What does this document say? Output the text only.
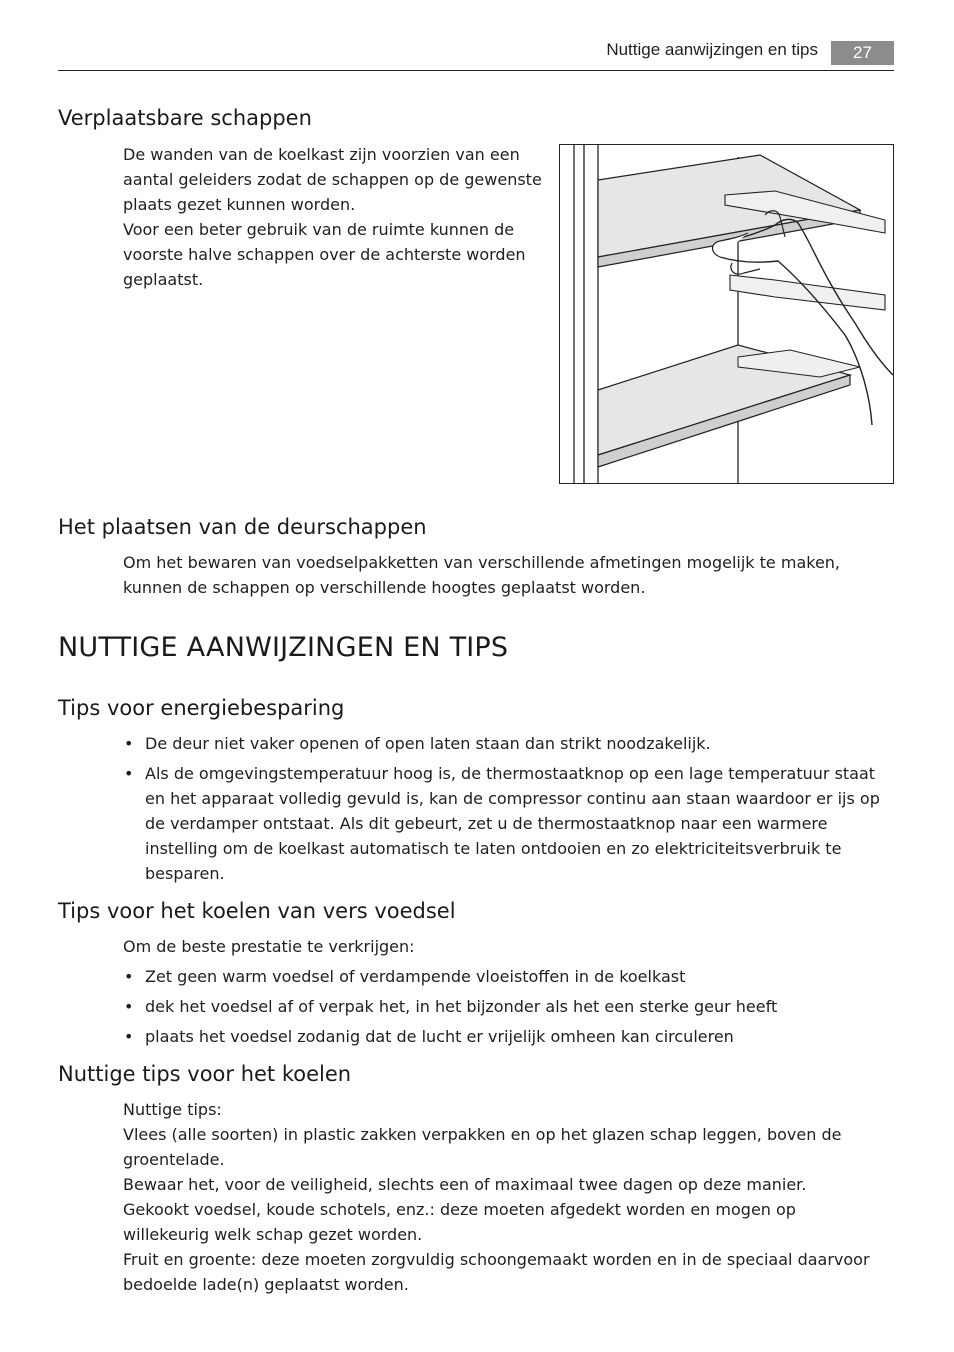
Nuttige aanwijzingen en tips	27
Verplaatsbare schappen

De wanden van de koelkast zijn voorzien van een aantal geleiders zodat de schappen op de gewenste plaats gezet kunnen worden.

Voor een beter gebruik van de ruimte kunnen de voorste halve schappen over de achterste worden geplaatst.

Het plaatsen van de deurschappen

Om het bewaren van voedselpakketten van verschillende afmetingen mogelijk te maken, kunnen de schappen op verschillende hoogtes geplaatst worden.

NUTTIGE AANWIJZINGEN EN TIPS
Tips voor energiebesparing
• De deur niet vaker openen of open laten staan dan strikt noodzakelijk.
• Als de omgevingstemperatuur hoog is, de thermostaatknop op een lage temperatuur staat en het apparaat volledig gevuld is, kan de compressor continu aan staan waardoor er ijs op de verdamper ontstaat. Als dit gebeurt, zet u de thermostaatknop naar een warmere instelling om de koelkast automatisch te laten ontdooien en zo elektriciteitsverbruik te besparen.
Tips voor het koelen van vers voedsel

Om de beste prestatie te verkrijgen:

• Zet geen warm voedsel of verdampende vloeistoffen in de koelkast
• dek het voedsel af of verpak het, in het bijzonder als het een sterke geur heeft
• plaats het voedsel zodanig dat de lucht er vrijelijk omheen kan circuleren
Nuttige tips voor het koelen

Nuttige tips:

Vlees (alle soorten) in plastic zakken verpakken en op het glazen schap leggen, boven de groentelade.

Bewaar het, voor de veiligheid, slechts een of maximaal twee dagen op deze manier.

Gekookt voedsel, koude schotels, enz.: deze moeten afgedekt worden en mogen op willekeurig welk schap gezet worden.

Fruit en groente: deze moeten zorgvuldig schoongemaakt worden en in de speciaal daarvoor bedoelde lade(n) geplaatst worden.
